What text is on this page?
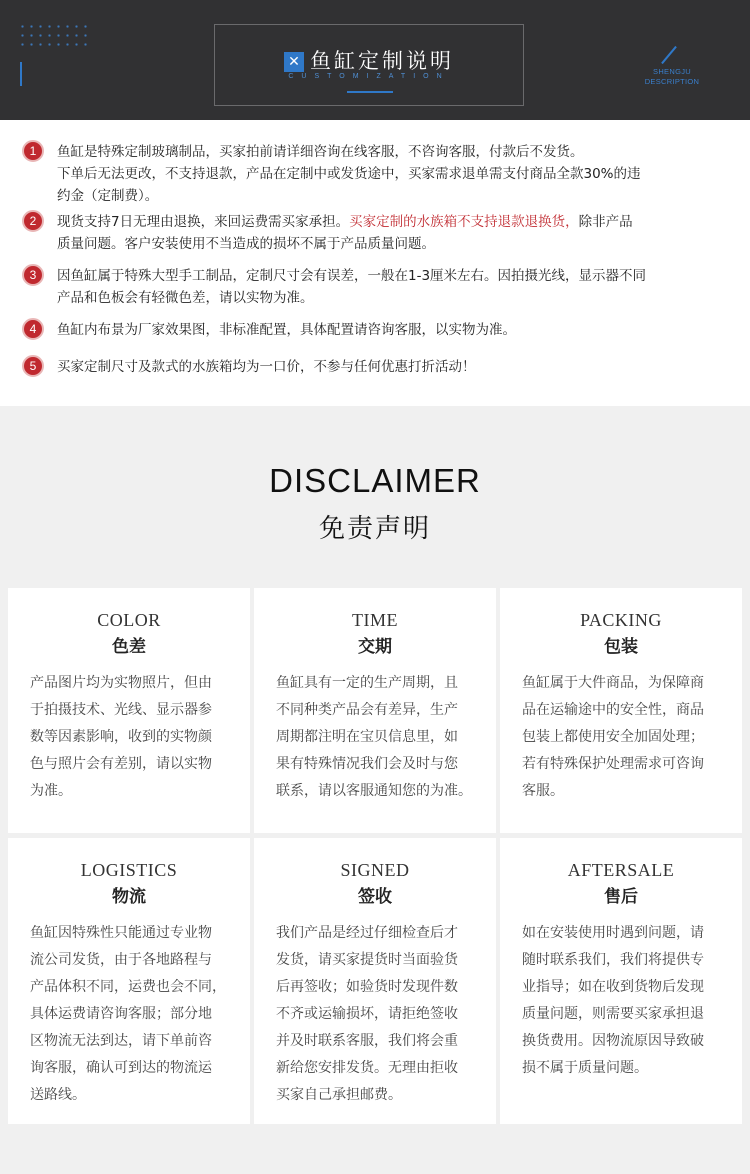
✕ 鱼缸定制说明
CUSTOMIZATION
SHENGJU
DESCRIPTION
1	鱼缸是特殊定制玻璃制品，买家拍前请详细咨询在线客服，不咨询客服，付款后不发货。
下单后无法更改，不支持退款，产品在定制中或发货途中，买家需求退单需支付商品全款30%的违
约金（定制费）。
2	现货支持7日无理由退换，来回运费需买家承担。买家定制的水族箱不支持退款退换货，除非产品
质量问题。客户安装使用不当造成的损坏不属于产品质量问题。
3	因鱼缸属于特殊大型手工制品，定制尺寸会有误差，一般在1-3厘米左右。因拍摄光线，显示器不同
产品和色板会有轻微色差，请以实物为准。
4	鱼缸内布景为厂家效果图，非标准配置，具体配置请咨询客服，以实物为准。
5	买家定制尺寸及款式的水族箱均为一口价，不参与任何优惠打折活动！
DISCLAIMER
免责声明
COLOR
色差
产品图片均为实物照片，但由
于拍摄技术、光线、显示器参
数等因素影响，收到的实物颜
色与照片会有差别，请以实物
为准。
TIME
交期
鱼缸具有一定的生产周期，且
不同种类产品会有差异，生产
周期都注明在宝贝信息里，如
果有特殊情况我们会及时与您
联系，请以客服通知您的为准。
PACKING
包装
鱼缸属于大件商品，为保障商
品在运输途中的安全性，商品
包装上都使用安全加固处理；
若有特殊保护处理需求可咨询
客服。
LOGISTICS
物流
鱼缸因特殊性只能通过专业物
流公司发货，由于各地路程与
产品体积不同，运费也会不同，
具体运费请咨询客服；部分地
区物流无法到达，请下单前咨
询客服，确认可到达的物流运
送路线。
SIGNED
签收
我们产品是经过仔细检查后才
发货，请买家提货时当面验货
后再签收；如验货时发现件数
不齐或运输损坏，请拒绝签收
并及时联系客服，我们将会重
新给您安排发货。无理由拒收
买家自己承担邮费。
AFTERSALE
售后
如在安装使用时遇到问题，请
随时联系我们，我们将提供专
业指导；如在收到货物后发现
质量问题，则需要买家承担退
换货费用。因物流原因导致破
损不属于质量问题。
